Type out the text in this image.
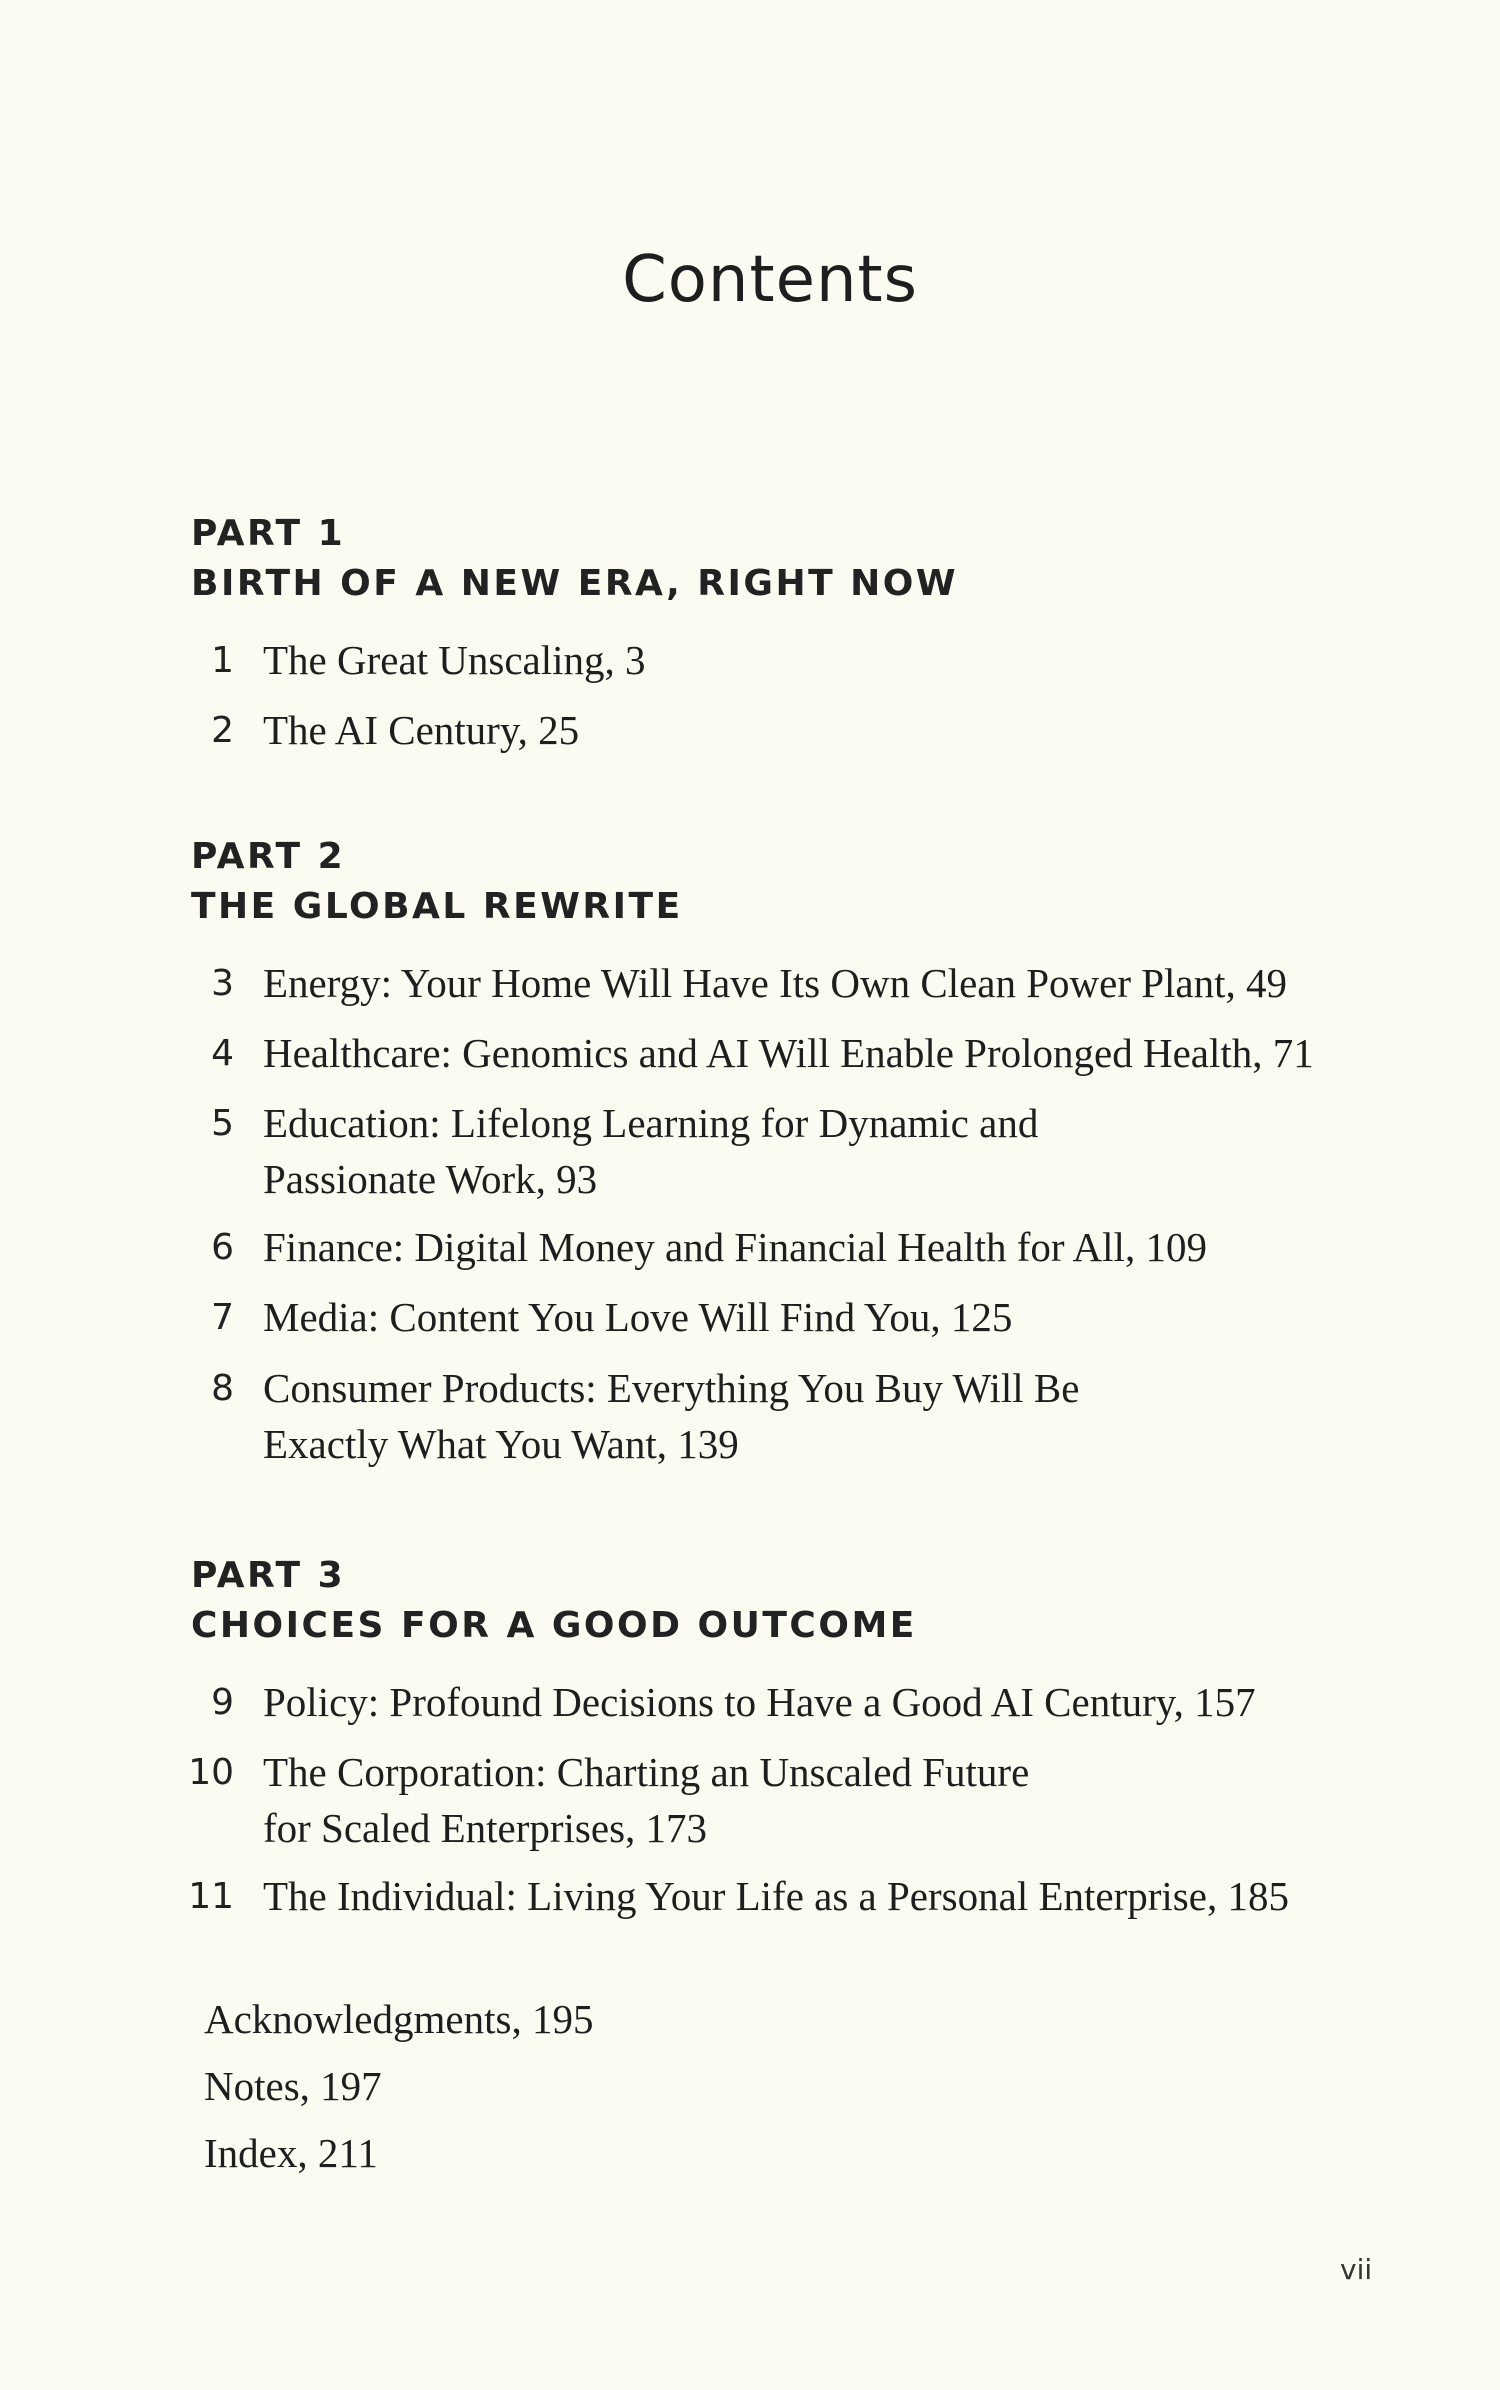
Contents
PART 1
BIRTH OF A NEW ERA, RIGHT NOW
1 The Great Unscaling, 3
2 The AI Century, 25
PART 2
THE GLOBAL REWRITE
3 Energy: Your Home Will Have Its Own Clean Power Plant, 49
4 Healthcare: Genomics and AI Will Enable Prolonged Health, 71
5 Education: Lifelong Learning for Dynamic and
Passionate Work, 93
6 Finance: Digital Money and Financial Health for All, 109
7 Media: Content You Love Will Find You, 125
8 Consumer Products: Everything You Buy Will Be
Exactly What You Want, 139
PART 3
CHOICES FOR A GOOD OUTCOME
9 Policy: Profound Decisions to Have a Good AI Century, 157
10 The Corporation: Charting an Unscaled Future
for Scaled Enterprises, 173
11 The Individual: Living Your Life as a Personal Enterprise, 185
Acknowledgments, 195
Notes, 197
Index, 211
vii
